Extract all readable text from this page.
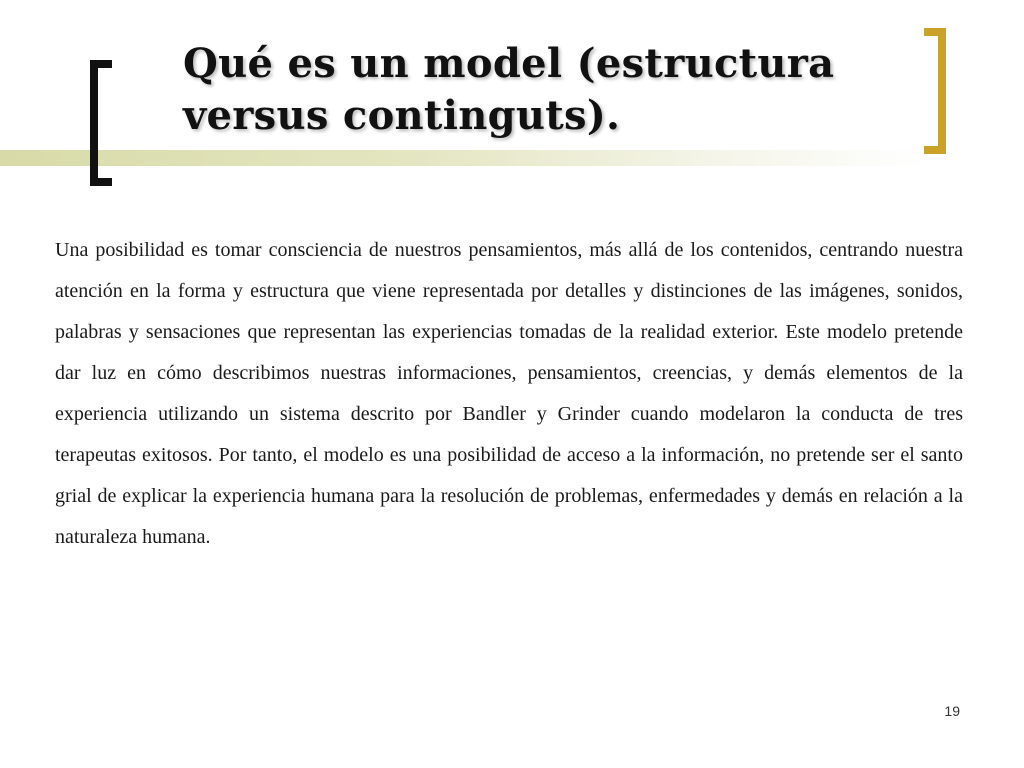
Qué es un model (estructura versus continguts).

Una posibilidad es tomar consciencia de nuestros pensamientos, más allá de los contenidos, centrando nuestra atención en la forma y estructura que viene representada por detalles y distinciones de las imágenes, sonidos, palabras y sensaciones que representan las experiencias tomadas de la realidad exterior. Este modelo pretende dar luz en cómo describimos nuestras informaciones, pensamientos, creencias, y demás elementos de la experiencia utilizando un sistema descrito por Bandler y Grinder cuando modelaron la conducta de tres terapeutas exitosos. Por tanto, el modelo es una posibilidad de acceso a la información, no pretende ser el santo grial de explicar la experiencia humana para la resolución de problemas, enfermedades y demás en relación a la naturaleza humana.

19
